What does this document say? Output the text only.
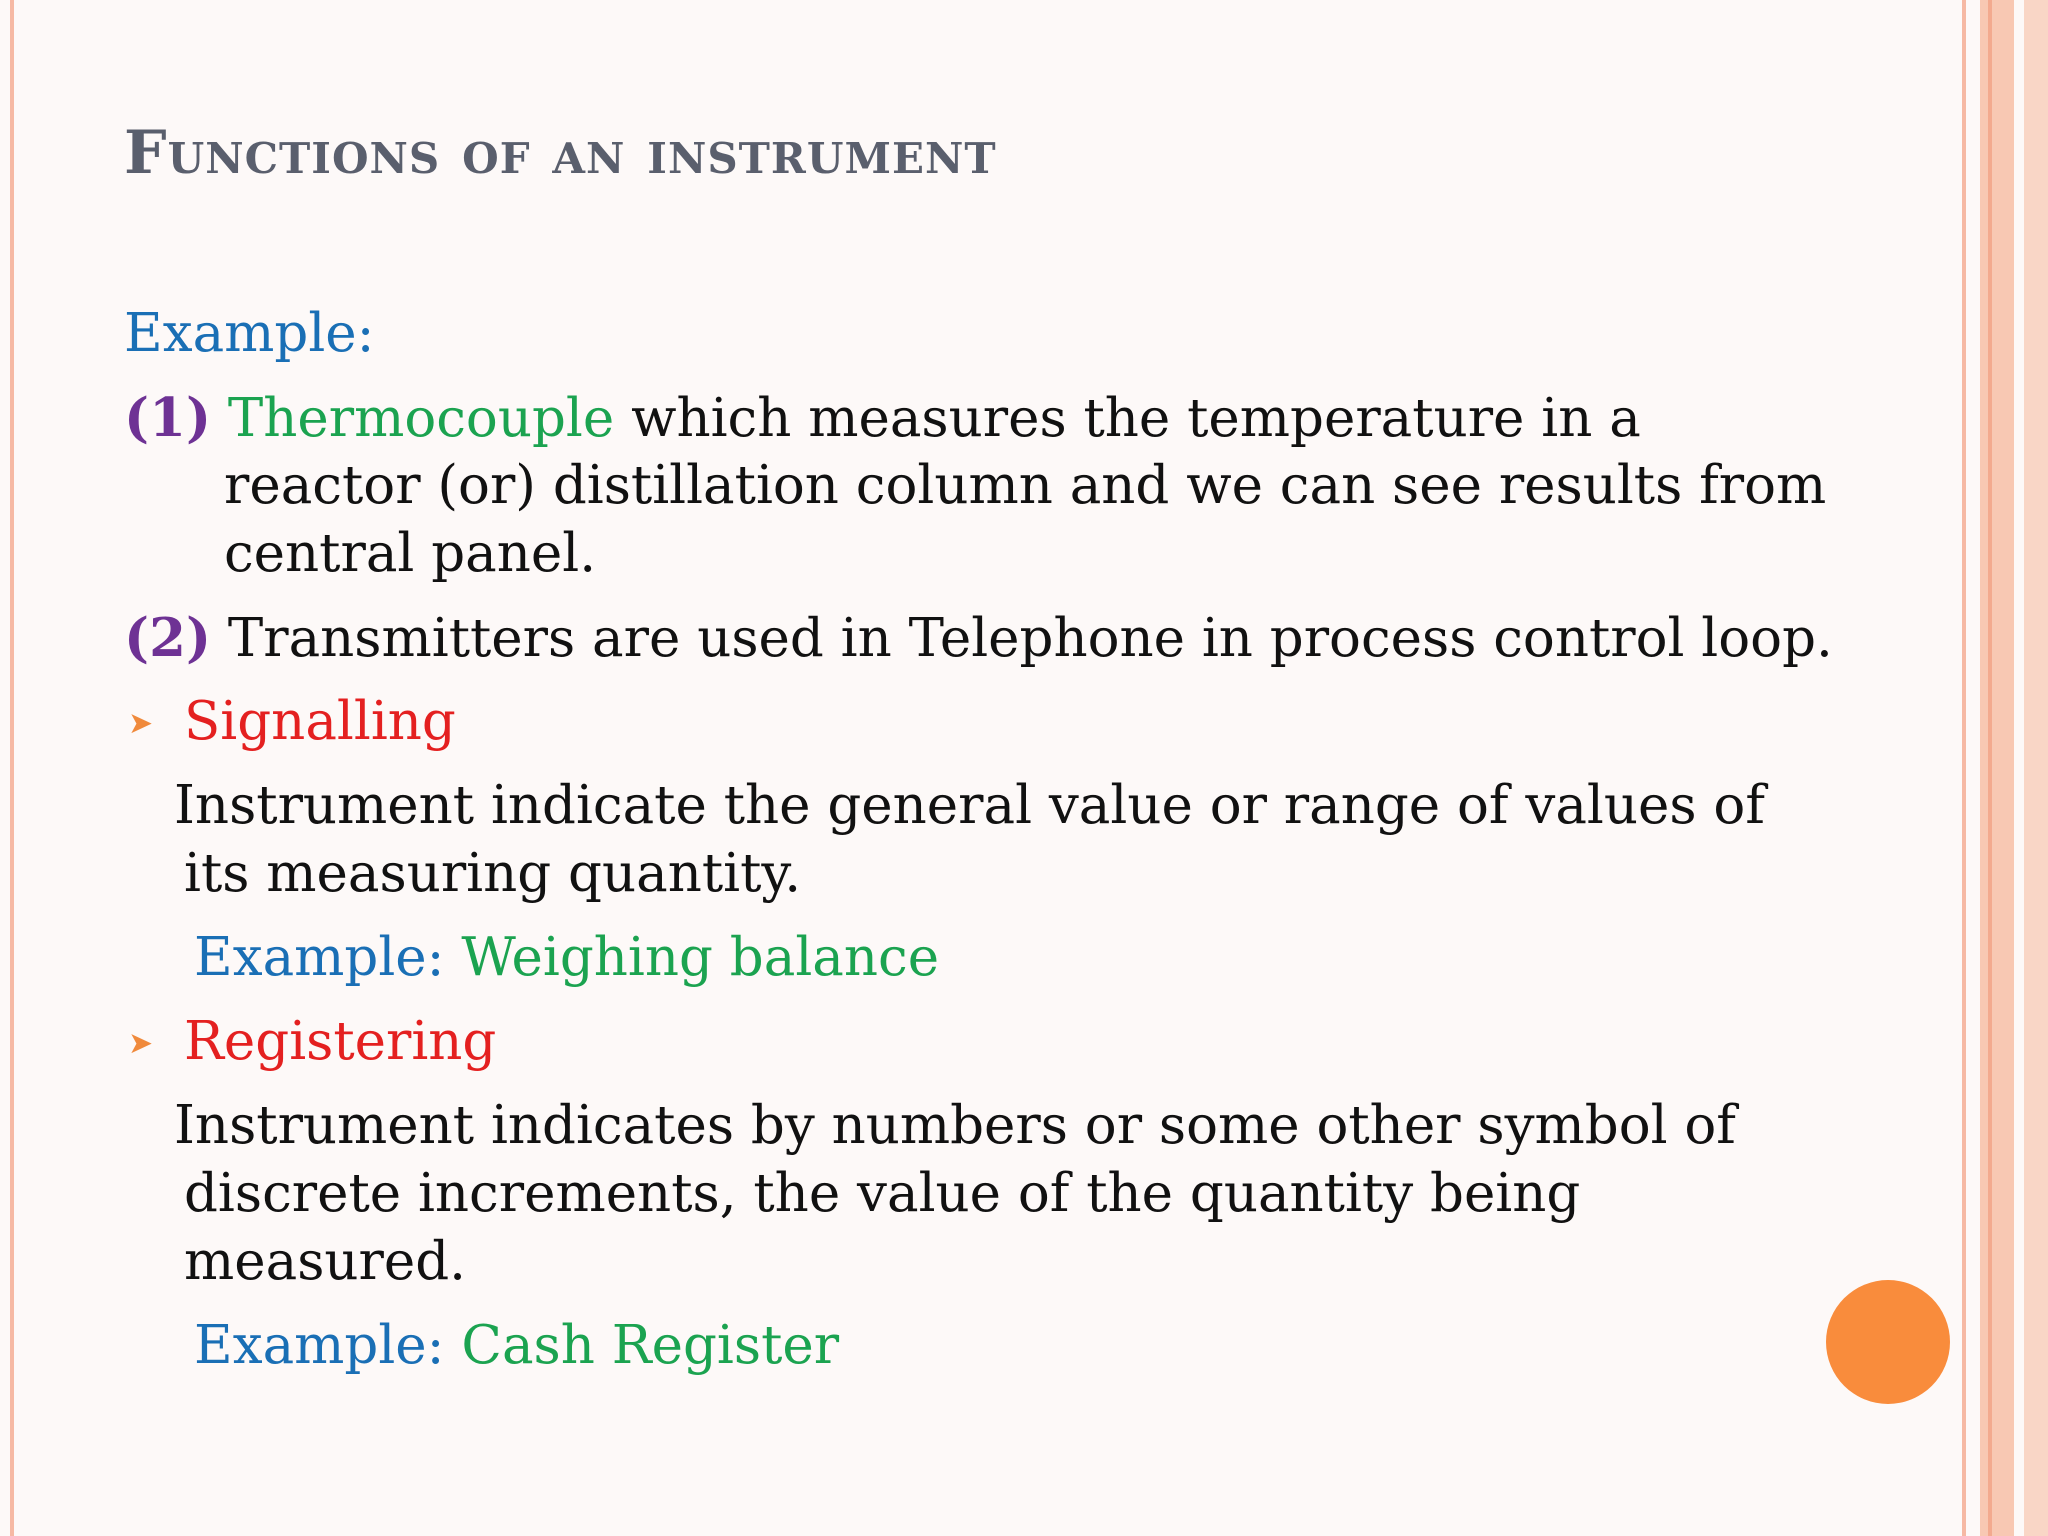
Functions of an instrument

Example:

(1) Thermocouple which measures the temperature in a

reactor (or) distillation column and we can see results from

central panel.

(2) Transmitters are used in Telephone in process control loop.

➤ Signalling

Instrument indicate the general value or range of values of

its measuring quantity.

Example: Weighing balance

➤ Registering

Instrument indicates by numbers or some other symbol of

discrete increments, the value of the quantity being

measured.

Example: Cash Register
